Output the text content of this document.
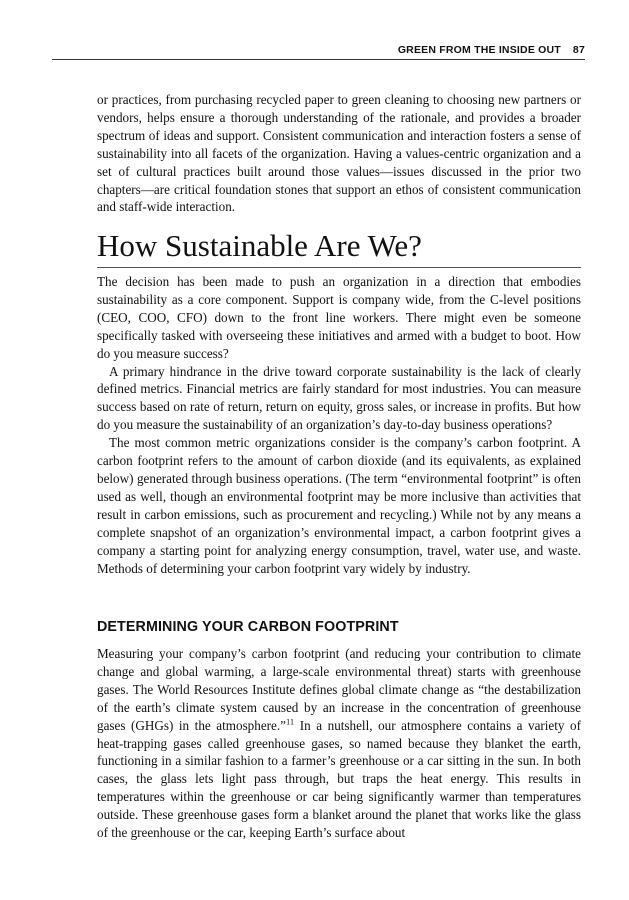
GREEN FROM THE INSIDE OUT 87

or practices, from purchasing recycled paper to green cleaning to choosing new partners or vendors, helps ensure a thorough understanding of the rationale, and provides a broader spectrum of ideas and support. Consistent communication and interaction fosters a sense of sustainability into all facets of the organization. Having a values-centric organization and a set of cultural practices built around those values—issues discussed in the prior two chapters—are critical foundation stones that support an ethos of consistent communication and staff-wide interaction.

How Sustainable Are We?

The decision has been made to push an organization in a direction that embodies sustainability as a core component. Support is company wide, from the C-level positions (CEO, COO, CFO) down to the front line workers. There might even be someone specifically tasked with overseeing these initiatives and armed with a budget to boot. How do you measure success?

A primary hindrance in the drive toward corporate sustainability is the lack of clearly defined metrics. Financial metrics are fairly standard for most industries. You can measure success based on rate of return, return on equity, gross sales, or increase in profits. But how do you measure the sustainability of an organization’s day-to-day business operations?

The most common metric organizations consider is the company’s carbon footprint. A carbon footprint refers to the amount of carbon dioxide (and its equivalents, as explained below) generated through business operations. (The term “environmental footprint” is often used as well, though an environmental footprint may be more inclusive than activities that result in carbon emissions, such as procurement and recycling.) While not by any means a complete snapshot of an organization’s environmental impact, a carbon footprint gives a company a starting point for analyzing energy consumption, travel, water use, and waste. Methods of determining your carbon footprint vary widely by industry.

DETERMINING YOUR CARBON FOOTPRINT

Measuring your company’s carbon footprint (and reducing your contribution to climate change and global warming, a large-scale environmental threat) starts with greenhouse gases. The World Resources Institute defines global climate change as “the destabilization of the earth’s climate system caused by an increase in the concentration of greenhouse gases (GHGs) in the atmosphere.”$^{11}$ In a nutshell, our atmosphere contains a variety of heat-trapping gases called greenhouse gases, so named because they blanket the earth, functioning in a similar fashion to a farmer’s greenhouse or a car sitting in the sun. In both cases, the glass lets light pass through, but traps the heat energy. This results in temperatures within the greenhouse or car being significantly warmer than temperatures outside. These greenhouse gases form a blanket around the planet that works like the glass of the greenhouse or the car, keeping Earth’s surface about
